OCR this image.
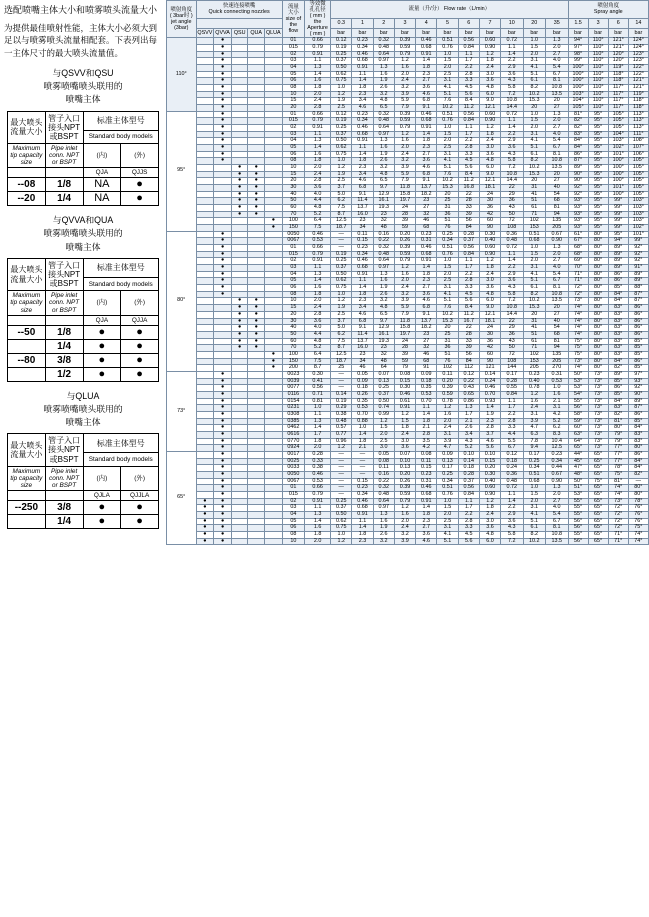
选配喷嘴主体大小和喷雾喷头流量大小

为提供最佳喷射性能，主体大小必须大到足以与喷雾喷头流量相配套。下表列出每一主体尺寸的最大喷头流量值。

与QSVV和QSU
喷雾喷嘴喷头联用的
喷嘴主体
最大喷头流量大小	管子入口接头NPT或BSPT	标准主体型号	
		Standard body models	
Maximum tip capacity size	Pipe inlet conn. NPT or BSPT	(内)	(外)
		QJA	QJJS
--08	1/8	NA	●
--20	1/4	NA	●
与QVVA和QUA
喷雾喷嘴喷头联用的
喷嘴主体
最大喷头流量大小	管子入口接头NPT或BSPT	标准主体型号	
		Standard body models	
Maximum tip capacity size	Pipe inlet conn. NPT or BSPT	(内)	(外)
		QJA	QJJA
--50	1/8	●	●
	1/4	●	●
--80	3/8	●	●
	1/2	●	●
与QLUA
喷雾喷嘴喷头联用的
喷嘴主体
最大喷头流量大小	管子入口接头NPT或BSPT	标准主体型号	
		Standard body models	
Maximum tip capacity size	Pipe inlet conn. NPT or BSPT	(内)	(外)
		QJLA	QJJLA
--250	3/8	●	●
	1/4	●	●
喷射角度
( 3bar时 )
jet angle
(3bar)	快速连接喷嘴
Quick connecting nozzles	流量
大小
size of
the
flow	等效微
孔孔径
( mm )
the
Aperture
( mm )	流量（升/分） Flow rate（L/min）	喷射角度
Spray angle
								0.3	1	2	3	4	5	6	7	10	20	35	1.5	3	6	14
	QSVV	QVVA	QSU	QUA	QLUA			bar	bar	bar	bar	bar	bar	bar	bar	bar	bar	bar	bar	bar	bar	bar
110°		●				01	0.66	0.12	0.23	0.32	0.39	0.46	0.51	0.56	0.60	0.72	1.0	1.3	94°	110°	121°	124°
		●				015	0.79	0.19	0.34	0.48	0.59	0.68	0.76	0.84	0.90	1.1	1.5	2.0	97°	110°	121°	124°
		●				02	0.91	0.25	0.46	0.64	0.79	0.91	1.0	1.1	1.2	1.4	2.0	2.7	98°	110°	120°	123°
		●				03	1.1	0.37	0.68	0.97	1.2	1.4	1.5	1.7	1.8	2.2	3.1	4.0	99°	110°	120°	123°
		●				04	1.3	0.50	0.91	1.3	1.6	1.8	2.0	2.2	2.4	2.9	4.1	5.4	100°	110°	119°	122°
		●				05	1.4	0.62	1.1	1.6	2.0	2.3	2.5	2.8	3.0	3.6	5.1	6.7	100°	110°	118°	122°
		●				06	1.6	0.75	1.4	1.9	2.4	2.7	3.1	3.3	3.6	4.3	6.1	8.1	100°	110°	118°	121°
		●				08	1.8	1.0	1.8	2.6	3.2	3.6	4.1	4.5	4.8	5.8	8.2	10.8	100°	110°	117°	121°
		●				10	2.0	1.2	2.3	3.2	3.9	4.6	5.1	5.6	6.0	7.2	10.2	13.5	103°	110°	117°	119°
		●				15	2.4	1.9	3.4	4.8	5.9	6.8	7.6	8.4	9.0	10.8	15.3	20	104°	110°	117°	118°
		●				20	2.8	2.5	4.6	6.5	7.9	9.1	10.2	11.2	12.1	14.4	20	27	105°	110°	117°	118°
95°		●				01	0.66	0.12	0.23	0.32	0.39	0.46	0.51	0.56	0.60	0.72	1.0	1.3	81°	95°	105°	113°
		●				015	0.79	0.19	0.34	0.48	0.59	0.68	0.76	0.84	0.90	1.1	1.5	2.0	82°	95°	105°	113°
		●				02	0.91	0.25	0.46	0.64	0.79	0.91	1.0	1.1	1.2	1.4	2.0	2.7	82°	95°	105°	113°
		●				03	1.1	0.37	0.68	0.97	1.2	1.4	1.5	1.7	1.8	2.2	3.1	4.0	83°	95°	104°	111°
		●				04	1.3	0.50	0.91	1.3	1.6	1.8	2.0	2.2	2.4	2.9	4.1	5.4	84°	95°	103°	108°
		●				05	1.4	0.62	1.1	1.6	2.0	2.3	2.5	2.8	3.0	3.6	5.1	6.7	84°	95°	102°	107°
		●				06	1.6	0.75	1.4	1.9	2.4	2.7	3.1	3.3	3.6	4.3	6.1	8.1	86°	95°	101°	106°
		●				08	1.8	1.0	1.8	2.6	3.2	3.6	4.1	4.5	4.8	5.8	8.2	10.8	87°	95°	100°	105°
			●	●		10	2.0	1.2	2.3	3.2	3.9	4.6	5.1	5.6	6.0	7.2	10.2	13.5	89°	95°	100°	105°
			●	●		15	2.4	1.9	3.4	4.8	5.9	6.8	7.6	8.4	9.0	10.8	15.3	20	90°	95°	100°	105°
			●	●		20	2.8	2.5	4.6	6.5	7.9	9.1	10.2	11.2	12.1	14.4	20	27	90°	95°	100°	105°
			●	●		30	3.6	3.7	6.8	9.7	11.8	13.7	15.3	16.8	18.1	22	31	40	92°	95°	101°	105°
			●	●		40	4.0	5.0	9.1	12.9	15.8	18.2	20	22	24	29	41	54	92°	95°	100°	105°
			●	●		50	4.4	6.2	11.4	16.1	19.7	23	25	28	30	36	51	68	93°	95°	99°	103°
			●	●		60	4.8	7.5	13.7	19.3	24	27	31	33	36	43	61	81	93°	95°	99°	103°
			●	●		70	5.2	8.7	16.0	23	28	32	36	39	42	50	71	94	93°	95°	99°	103°
					●	100	6.4	12.5	23	32	39	46	51	56	60	72	102	135	93°	95°	99°	103°
					●	150	7.5	18.7	34	48	59	68	76	84	90	108	153	205	93°	95°	99°	102°
80°		●				0050	0.46	—	0.11	0.16	0.20	0.23	0.25	0.28	0.30	0.36	0.51	0.67	61°	80°	95°	101°
		●				0067	0.53	—	0.15	0.22	0.26	0.31	0.34	0.37	0.40	0.48	0.68	0.90	67°	80°	94°	99°
		●				01	0.66	—	0.23	0.32	0.39	0.46	0.51	0.56	0.60	0.72	1.0	1.3	68°	80°	89°	92°
		●				015	0.79	0.19	0.34	0.48	0.59	0.68	0.76	0.84	0.90	1.1	1.5	2.0	68°	80°	89°	92°
		●				02	0.91	0.25	0.46	0.64	0.79	0.91	1.0	1.1	1.2	1.4	2.0	2.7	69°	80°	89°	92°
		●				03	1.1	0.37	0.68	0.97	1.2	1.4	1.5	1.7	1.8	2.2	3.1	4.0	70°	80°	89°	91°
		●				04	1.3	0.50	0.91	1.3	1.6	1.8	2.0	2.2	2.4	2.9	4.1	5.4	71°	80°	86°	89°
		●				05	1.4	0.62	1.1	1.6	2.0	2.3	2.5	2.8	3.0	3.6	5.1	6.7	71°	80°	86°	89°
		●				06	1.6	0.75	1.4	1.9	2.4	2.7	3.1	3.3	3.6	4.3	6.1	8.1	72°	80°	85°	88°
		●				08	1.8	1.0	1.8	2.6	3.2	3.6	4.1	4.5	4.8	5.8	8.2	10.8	72°	80°	84°	87°
			●	●		10	2.0	1.2	2.3	3.2	3.9	4.6	5.1	5.6	6.0	7.2	10.2	13.5	73°	80°	84°	87°
			●	●		15	2.4	1.9	3.4	4.8	5.9	6.8	7.6	8.4	9.0	10.8	15.3	20	74°	80°	83°	86°
			●	●		20	2.8	2.5	4.6	6.5	7.9	9.1	10.2	11.2	12.1	14.4	20	27	74°	80°	83°	86°
			●	●		30	3.6	3.7	6.8	9.7	11.8	13.7	15.3	16.7	18.1	22	31	40	74°	80°	83°	86°
			●	●		40	4.0	5.0	9.1	12.9	15.8	18.2	20	22	24	29	41	54	74°	80°	83°	86°
			●	●		50	4.4	6.2	11.4	16.1	19.7	23	25	28	30	36	51	68	74°	80°	83°	86°
			●	●		60	4.8	7.5	13.7	19.3	24	27	31	33	36	43	61	81	75°	80°	83°	85°
			●	●		70	5.2	8.7	16.0	23	28	32	36	39	42	50	71	94	75°	80°	83°	85°
					●	100	6.4	12.5	23	32	39	46	51	56	60	72	102	135	75°	80°	83°	85°
					●	150	7.5	18.7	34	48	59	68	76	84	90	108	153	205	73°	80°	84°	86°
					●	200	8.7	25	46	64	79	91	102	112	121	144	205	270	74°	80°	82°	85°
73°		●				0023	0.30	—	0.05	0.07	0.08	0.09	0.11	0.12	0.14	0.17	0.23	0.31	50°	73°	89°	97°
		●				0039	0.41	—	0.09	0.13	0.15	0.18	0.20	0.22	0.24	0.28	0.40	0.53	53°	73°	85°	93°
		●				0077	0.56	—	0.18	0.25	0.30	0.35	0.39	0.43	0.46	0.55	0.78	1.0	53°	73°	86°	92°
		●				0116	0.71	0.14	0.26	0.37	0.46	0.53	0.59	0.65	0.70	0.84	1.2	1.6	54°	73°	85°	90°
		●				0154	0.81	0.19	0.35	0.50	0.61	0.70	0.78	0.86	0.93	1.1	1.6	2.1	55°	73°	84°	89°
		●				0231	1.0	0.29	0.53	0.74	0.91	1.1	1.2	1.3	1.4	1.7	2.4	3.1	56°	73°	83°	87°
		●				0308	1.1	0.38	0.70	0.99	1.2	1.4	1.6	1.7	1.9	2.2	3.1	4.2	58°	73°	82°	86°
		●				0385	1.3	0.48	0.88	1.2	1.5	1.8	2.0	2.1	2.3	2.8	3.9	5.2	59°	73°	81°	85°
		●				0462	1.4	0.57	1.0	1.5	1.8	2.1	2.4	2.6	2.8	3.3	4.7	6.2	60°	73°	80°	84°
		●				0616	1.7	0.77	1.4	2.0	2.4	2.8	3.1	3.4	3.7	4.4	6.3	8.3	63°	73°	79°	83°
		●				0770	1.8	0.96	1.8	2.5	3.0	3.5	3.9	4.3	4.6	5.5	7.8	10.4	64°	73°	79°	83°
		●				0924	2.0	1.2	2.1	3.0	3.6	4.2	4.7	5.2	5.6	6.7	9.4	12.5	65°	73°	77°	80°
65°		●				0017	0.28	—	—	0.05	0.07	0.08	0.09	0.10	0.10	0.12	0.17	0.23	44°	65°	77°	86°
		●				0025	0.33	—	—	0.08	0.10	0.11	0.13	0.14	0.15	0.18	0.25	0.34	45°	65°	77°	84°
		●				0033	0.38	—	—	0.11	0.13	0.15	0.17	0.18	0.20	0.24	0.34	0.44	47°	65°	78°	84°
		●				0050	0.46	—	—	0.16	0.20	0.23	0.25	0.28	0.30	0.36	0.51	0.67	48°	65°	75°	82°
		●				0067	0.53	—	0.15	0.22	0.26	0.31	0.34	0.37	0.40	0.48	0.68	0.90	50°	75°	81°	—
		●				01	0.66	—	0.23	0.32	0.39	0.46	0.51	0.56	0.60	0.72	1.0	1.3	51°	65°	74°	80°
		●				015	0.79	—	0.34	0.48	0.59	0.68	0.76	0.84	0.90	1.1	1.5	2.0	53°	65°	74°	80°
	●	●				02	0.91	0.25	0.46	0.64	0.79	0.91	1.0	1.1	1.2	1.4	2.0	2.7	55°	65°	73°	78°
	●	●				03	1.1	0.37	0.68	0.97	1.2	1.4	1.5	1.7	1.8	2.2	3.1	4.0	55°	65°	72°	76°
	●	●				04	1.3	0.50	0.91	1.3	1.6	1.8	2.0	2.2	2.4	2.9	4.1	5.4	55°	65°	72°	76°
	●	●				05	1.4	0.62	1.1	1.6	2.0	2.3	2.5	2.8	3.0	3.6	5.1	6.7	56°	65°	72°	76°
	●	●				06	1.6	0.75	1.4	1.9	2.4	2.7	3.1	3.3	3.6	4.3	6.1	8.1	56°	65°	72°	75°
	●	●				08	1.8	1.0	1.8	2.6	3.2	3.6	4.1	4.5	4.8	5.8	8.2	10.8	55°	65°	71°	74°
	●	●				10	2.0	1.2	2.3	3.2	3.9	4.6	5.1	5.6	6.0	7.2	10.2	13.5	56°	65°	71°	74°
